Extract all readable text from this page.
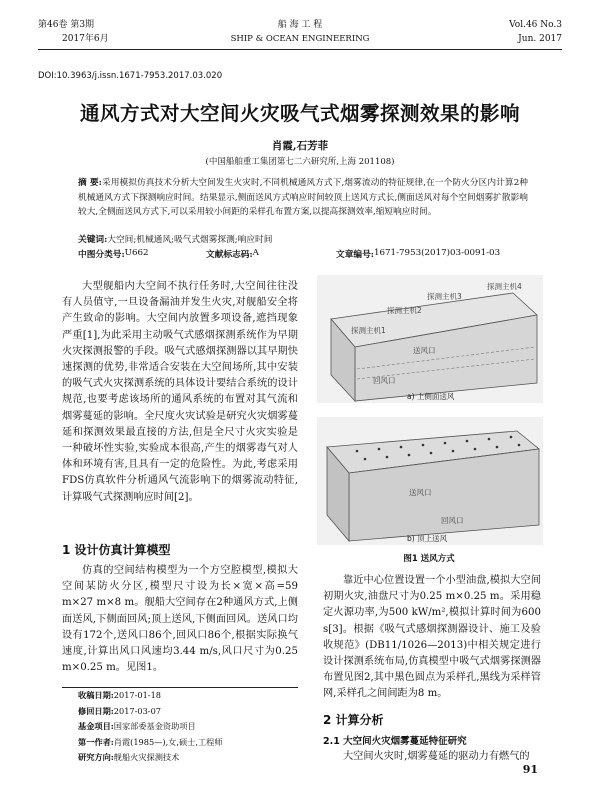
第46卷 第3期
2017年6月
船 海 工 程
SHIP & OCEAN ENGINEERING
Vol.46 No.3
Jun. 2017
DOI:10.3963/j.issn.1671-7953.2017.03.020
通风方式对大空间火灾吸气式烟雾探测效果的影响
肖霞,石芳菲
(中国船舶重工集团第七二六研究所,上海 201108)
摘 要:采用模拟仿真技术分析大空间发生火灾时,不同机械通风方式下,烟雾流动的特征规律,在一个防火分区内计算2种机械通风方式下探测响应时间。结果显示,侧面送风方式响应时间较顶上送风方式长,侧面送风对每个空间烟雾扩散影响较大,全侧面送风方式下,可以采用较小间距的采样孔布置方案,以提高探测效率,缩短响应时间。
关键词:大空间;机械通风;吸气式烟雾探测;响应时间
中图分类号: U662	文献标志码: A	文章编号: 1671-7953(2017)03-0091-03

大型舰船内大空间不执行任务时,大空间往往没有人员值守,一旦设备漏油并发生火灾,对舰船安全将产生致命的影响。大空间内放置多项设备,遮挡现象严重[1],为此采用主动吸气式感烟探测系统作为早期火灾探测报警的手段。吸气式感烟探测器以其早期快速探测的优势,非常适合安装在大空间场所,其中安装的吸气式火灾探测系统的具体设计要结合系统的设计规范,也要考虑该场所的通风系统的布置对其气流和烟雾蔓延的影响。全尺度火灾试验是研究火灾烟雾蔓延和探测效果最直接的方法,但是全尺寸火灾实验是一种破坏性实验,实验成本很高,产生的烟雾毒气对人体和环境有害,且具有一定的危险性。为此,考虑采用FDS仿真软件分析通风气流影响下的烟雾流动特征,计算吸气式探测响应时间[2]。

1 设计仿真计算模型

仿真的空间结构模型为一个方空腔模型,模拟大空间某防火分区,模型尺寸设为长×宽×高=59 m×27 m×8 m。舰船大空间存在2种通风方式,上侧面送风,下侧面回风;顶上送风,下侧面回风。送风口均设有172个,送风口86个,回风口86个,根据实际换气速度,计算出风口风速均3.44 m/s,风口尺寸为0.25 m×0.25 m。见图1。

收稿日期:2017-01-18
修回日期:2017-03-07
基金项目:国家部委基金资助项目
第一作者:肖霞(1985—),女,硕士,工程师
研究方向:舰船火灾探测技术
探测主机4
探测主机3
探测主机2
探测主机1
送风口
回风口
a) 上侧面送风
送风口
回风口
b) 顶上送风
图1 送风方式

靠近中心位置设置一个小型油盘,模拟大空间初期火灾,油盘尺寸为0.25 m×0.25 m。采用稳定火源功率,为500 kW/m²,模拟计算时间为600 s[3]。根据《吸气式感烟探测器设计、施工及验收规范》(DB11/1026—2013)中相关规定进行设计探测系统布局,仿真模型中吸气式烟雾探测器布置见图2,其中黑色圆点为采样孔,黑线为采样管网,采样孔之间间距为8 m。

2 计算分析
2.1 大空间火灾烟雾蔓延特征研究

大空间火灾时,烟雾蔓延的驱动力有燃气的

91
